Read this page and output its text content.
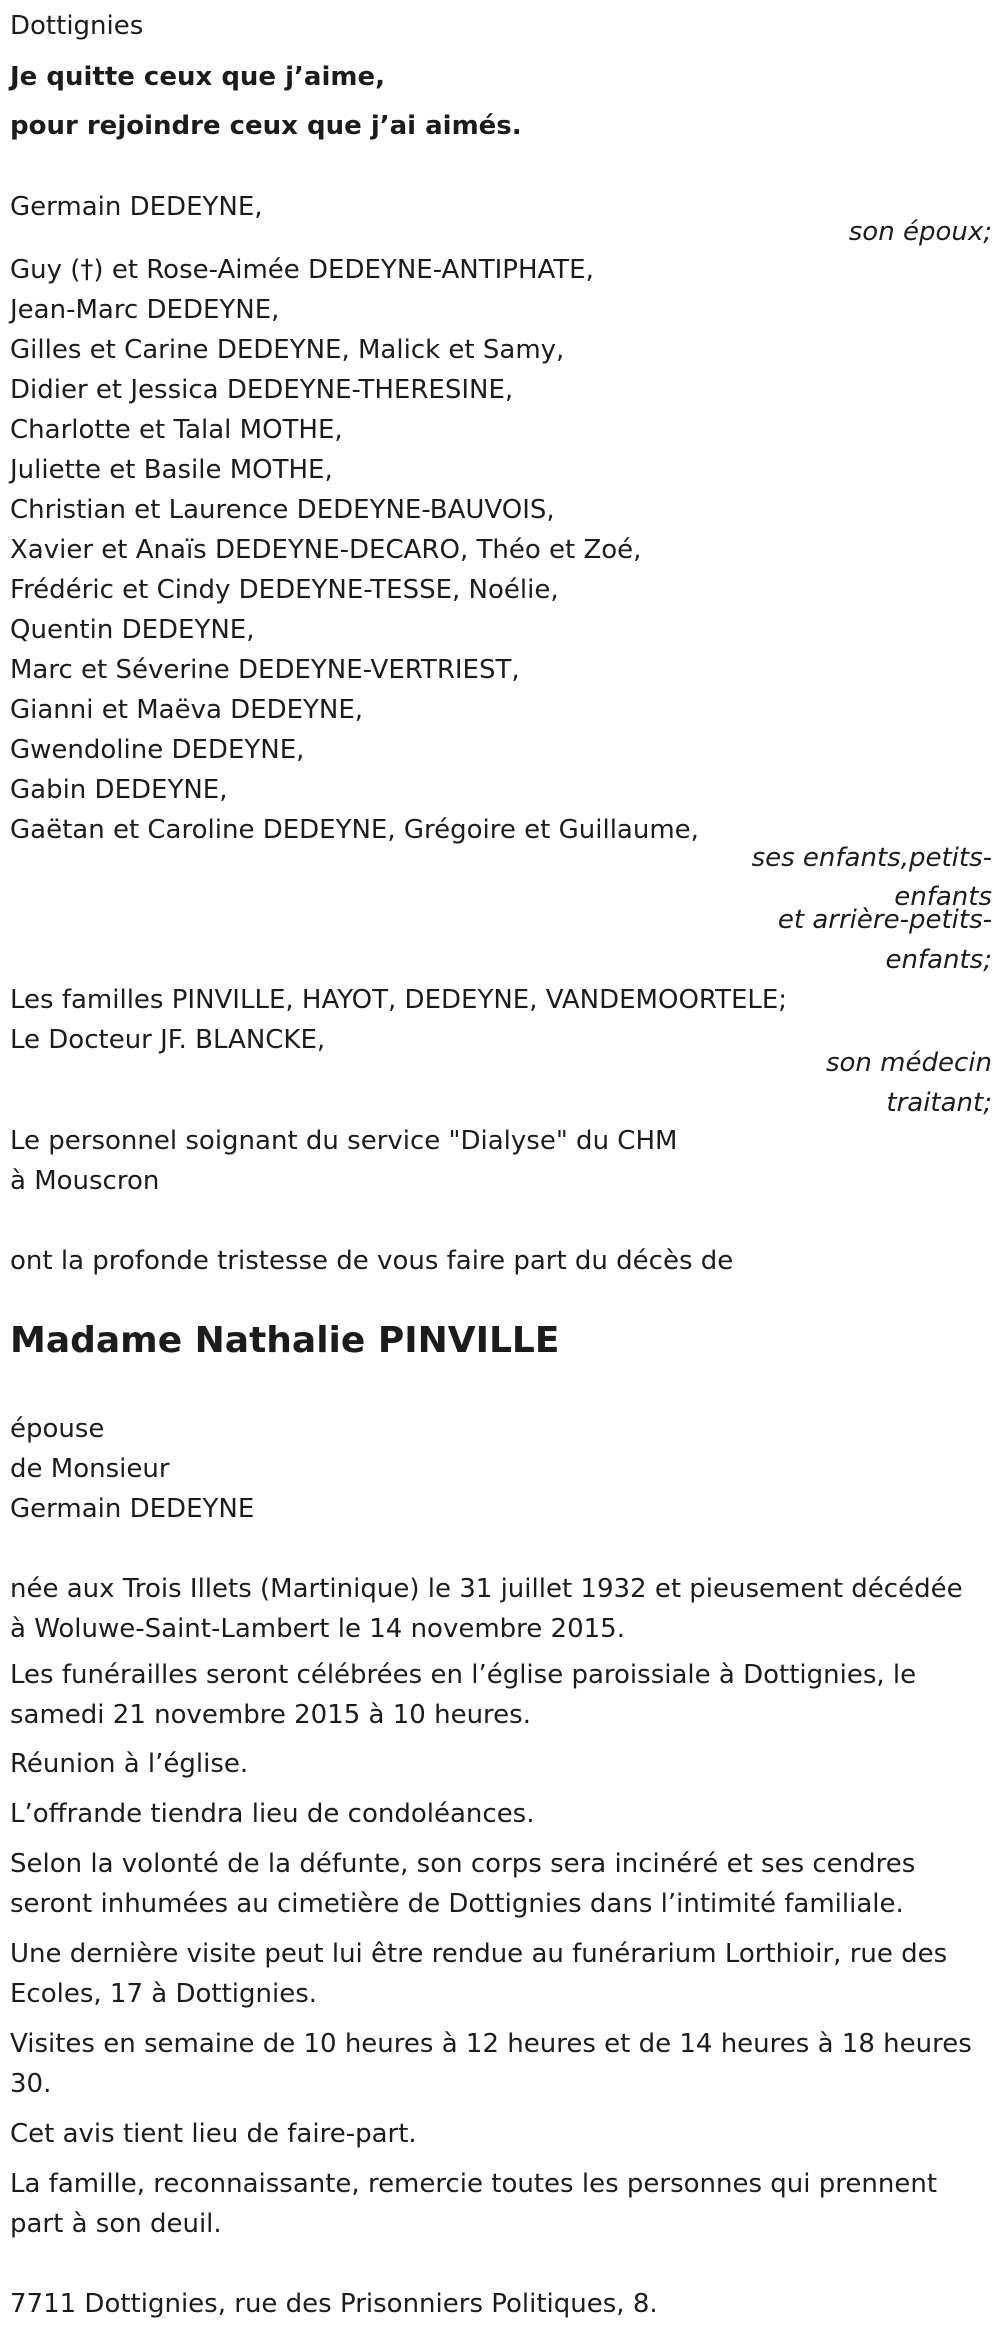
Dottignies
Je quitte ceux que j’aime,
pour rejoindre ceux que j’ai aimés.
Germain DEDEYNE,
son époux;
Guy (†) et Rose-Aimée DEDEYNE-ANTIPHATE,
Jean-Marc DEDEYNE,
Gilles et Carine DEDEYNE, Malick et Samy,
Didier et Jessica DEDEYNE-THERESINE,
Charlotte et Talal MOTHE,
Juliette et Basile MOTHE,
Christian et Laurence DEDEYNE-BAUVOIS,
Xavier et Anaïs DEDEYNE-DECARO, Théo et Zoé,
Frédéric et Cindy DEDEYNE-TESSE, Noélie,
Quentin DEDEYNE,
Marc et Séverine DEDEYNE-VERTRIEST,
Gianni et Maëva DEDEYNE,
Gwendoline DEDEYNE,
Gabin DEDEYNE,
Gaëtan et Caroline DEDEYNE, Grégoire et Guillaume,
ses enfants,petits-
enfants
et arrière-petits-
enfants;
Les familles PINVILLE, HAYOT, DEDEYNE, VANDEMOORTELE;
Le Docteur JF. BLANCKE,
son médecin
traitant;
Le personnel soignant du service "Dialyse" du CHM
à Mouscron
ont la profonde tristesse de vous faire part du décès de
Madame Nathalie PINVILLE
épouse
de Monsieur
Germain DEDEYNE
née aux Trois Illets (Martinique) le 31 juillet 1932 et pieusement décédée à Woluwe-Saint-Lambert le 14 novembre 2015.
Les funérailles seront célébrées en l’église paroissiale à Dottignies, le samedi 21 novembre 2015 à 10 heures.
Réunion à l’église.
L’offrande tiendra lieu de condoléances.
Selon la volonté de la défunte, son corps sera incinéré et ses cendres seront inhumées au cimetière de Dottignies dans l’intimité familiale.
Une dernière visite peut lui être rendue au funérarium Lorthioir, rue des Ecoles, 17 à Dottignies.
Visites en semaine de 10 heures à 12 heures et de 14 heures à 18 heures 30.
Cet avis tient lieu de faire-part.
La famille, reconnaissante, remercie toutes les personnes qui prennent part à son deuil.
7711 Dottignies, rue des Prisonniers Politiques, 8.
